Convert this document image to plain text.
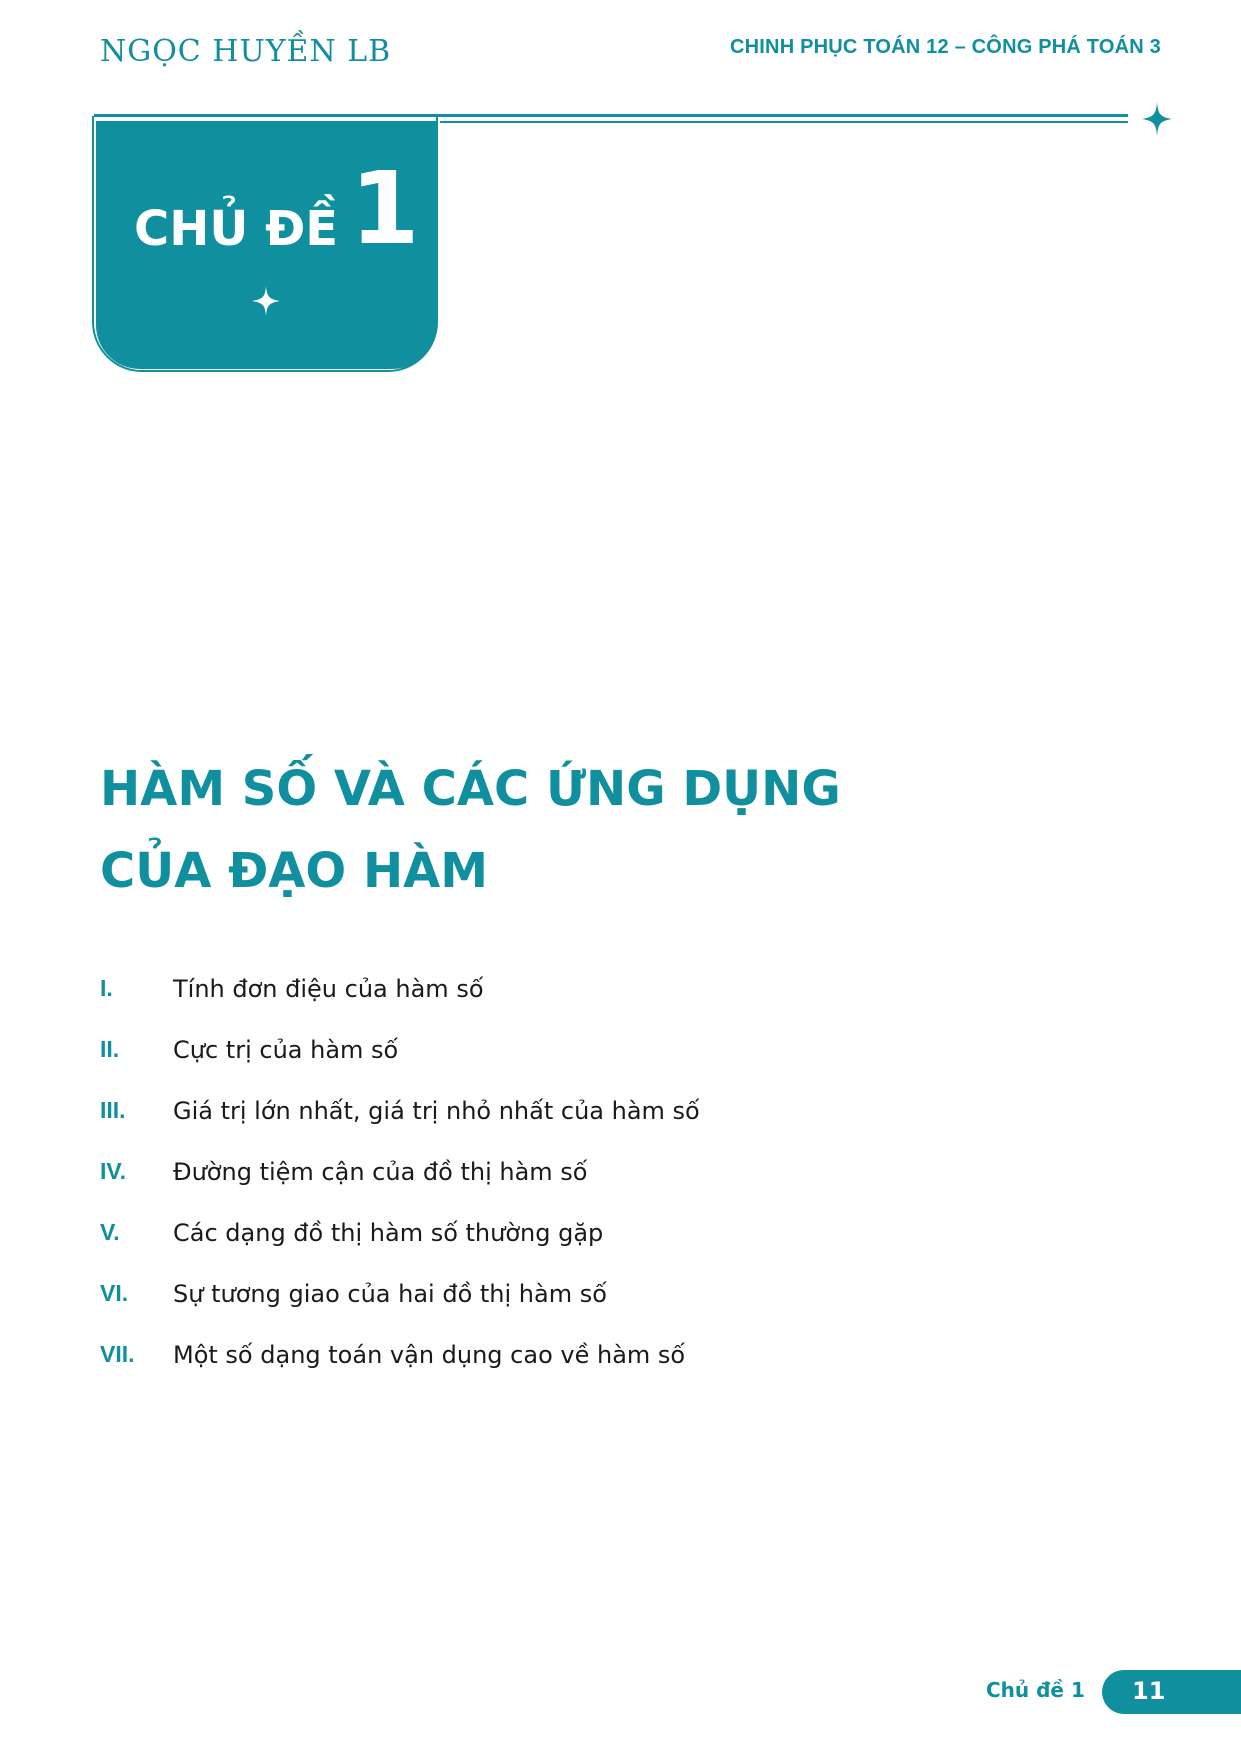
NGỌC HUYỀN LB	CHINH PHỤC TOÁN 12 – CÔNG PHÁ TOÁN 3
CHỦ ĐỀ 1
HÀM SỐ VÀ CÁC ỨNG DỤNG
CỦA ĐẠO HÀM
I.	Tính đơn điệu của hàm số
II. Cực trị của hàm số
III. Giá trị lớn nhất, giá trị nhỏ nhất của hàm số
IV. Đường tiệm cận của đồ thị hàm số
V. Các dạng đồ thị hàm số thường gặp
VI. Sự tương giao của hai đồ thị hàm số
VII. Một số dạng toán vận dụng cao về hàm số
Chủ đề 1 11
